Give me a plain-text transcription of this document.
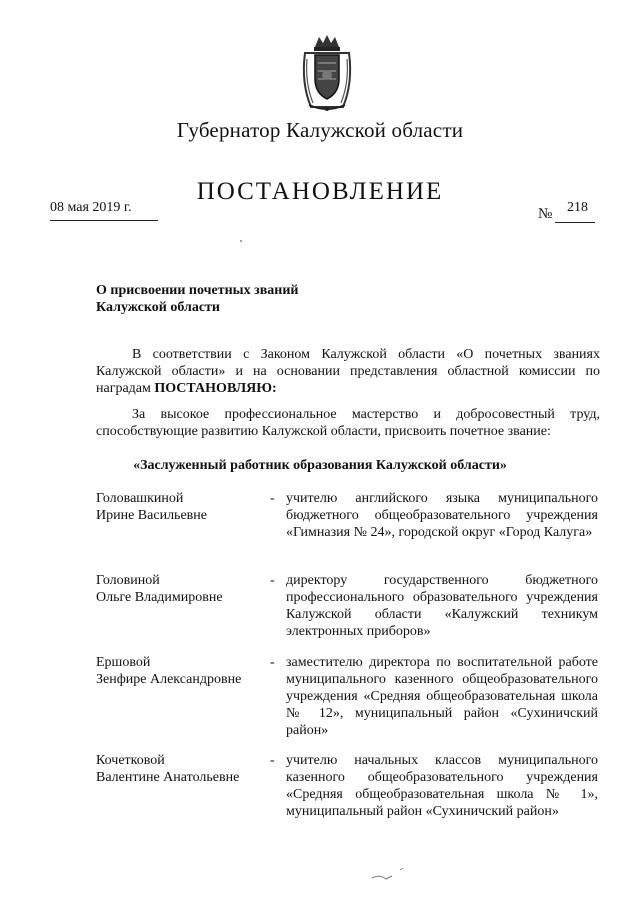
Губернатор Калужской области
ПОСТАНОВЛЕНИЕ
08 мая 2019 г.	№	218
О присвоении почетных званий
Калужской области
В соответствии с Законом Калужской области «О почетных званиях Калужской области» и на основании представления областной комиссии по наградам ПОСТАНОВЛЯЮ:
За высокое профессиональное мастерство и добросовестный труд, способствующие развитию Калужской области, присвоить почетное звание:
«Заслуженный работник образования Калужской области»
Головашкиной
Ирине Васильевне
- учителю английского языка муниципального бюджетного общеобразовательного учреждения «Гимназия № 24», городской округ «Город Калуга»
Головиной
Ольге Владимировне
- директору государственного бюджетного профессионального образовательного учреждения Калужской области «Калужский техникум электронных приборов»
Ершовой
Зенфире Александровне
- заместителю директора по воспитательной работе муниципального казенного общеобразовательного учреждения «Средняя общеобразовательная школа № 12», муниципальный район «Сухиничский район»
Кочетковой
Валентине Анатольевне
- учителю начальных классов муниципального казенного общеобразовательного учреждения «Средняя общеобразовательная школа № 1», муниципальный район «Сухиничский район»
